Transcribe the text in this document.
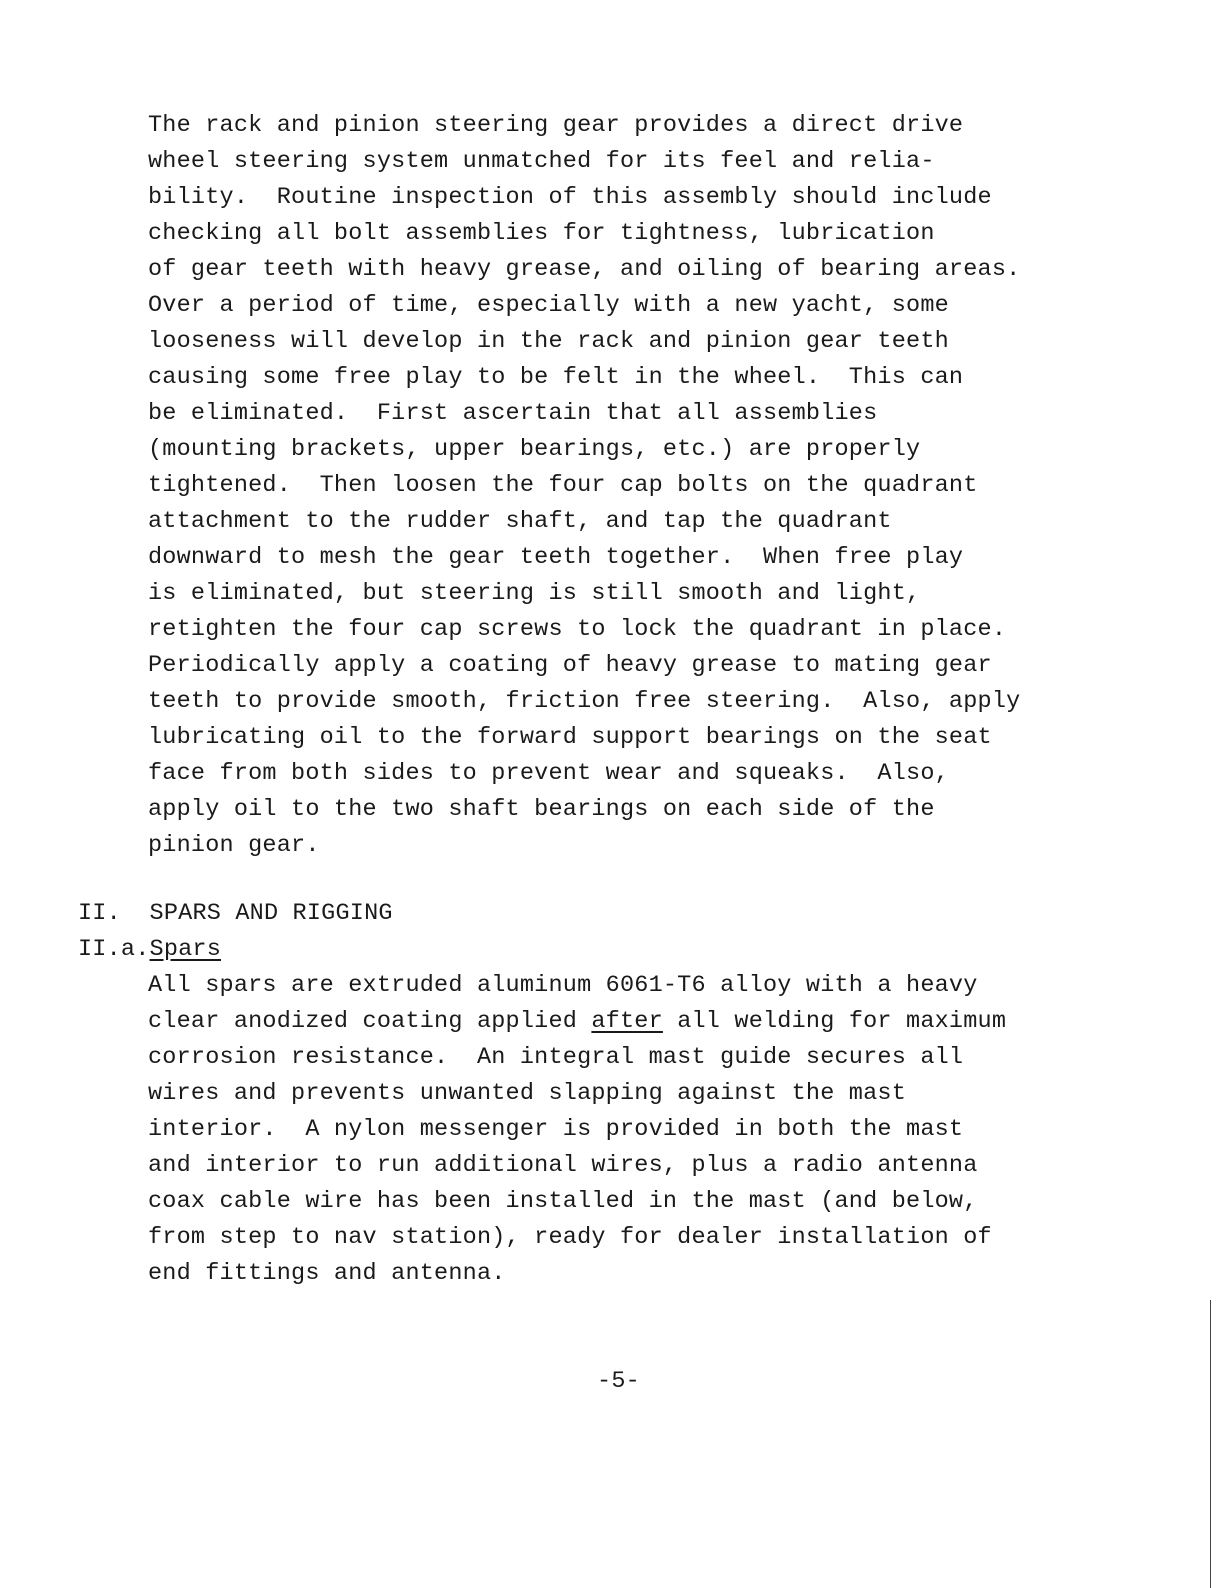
The rack and pinion steering gear provides a direct drive
wheel steering system unmatched for its feel and relia-
bility.  Routine inspection of this assembly should include
checking all bolt assemblies for tightness, lubrication
of gear teeth with heavy grease, and oiling of bearing areas.
Over a period of time, especially with a new yacht, some
looseness will develop in the rack and pinion gear teeth
causing some free play to be felt in the wheel.  This can
be eliminated.  First ascertain that all assemblies
(mounting brackets, upper bearings, etc.) are properly
tightened.  Then loosen the four cap bolts on the quadrant
attachment to the rudder shaft, and tap the quadrant
downward to mesh the gear teeth together.  When free play
is eliminated, but steering is still smooth and light,
retighten the four cap screws to lock the quadrant in place.
Periodically apply a coating of heavy grease to mating gear
teeth to provide smooth, friction free steering.  Also, apply
lubricating oil to the forward support bearings on the seat
face from both sides to prevent wear and squeaks.  Also,
apply oil to the two shaft bearings on each side of the
pinion gear.
II. SPARS AND RIGGING
II.a.Spars
All spars are extruded aluminum 6061-T6 alloy with a heavy
clear anodized coating applied after all welding for maximum
corrosion resistance.  An integral mast guide secures all
wires and prevents unwanted slapping against the mast
interior.  A nylon messenger is provided in both the mast
and interior to run additional wires, plus a radio antenna
coax cable wire has been installed in the mast (and below,
from step to nav station), ready for dealer installation of
end fittings and antenna.
-5-
